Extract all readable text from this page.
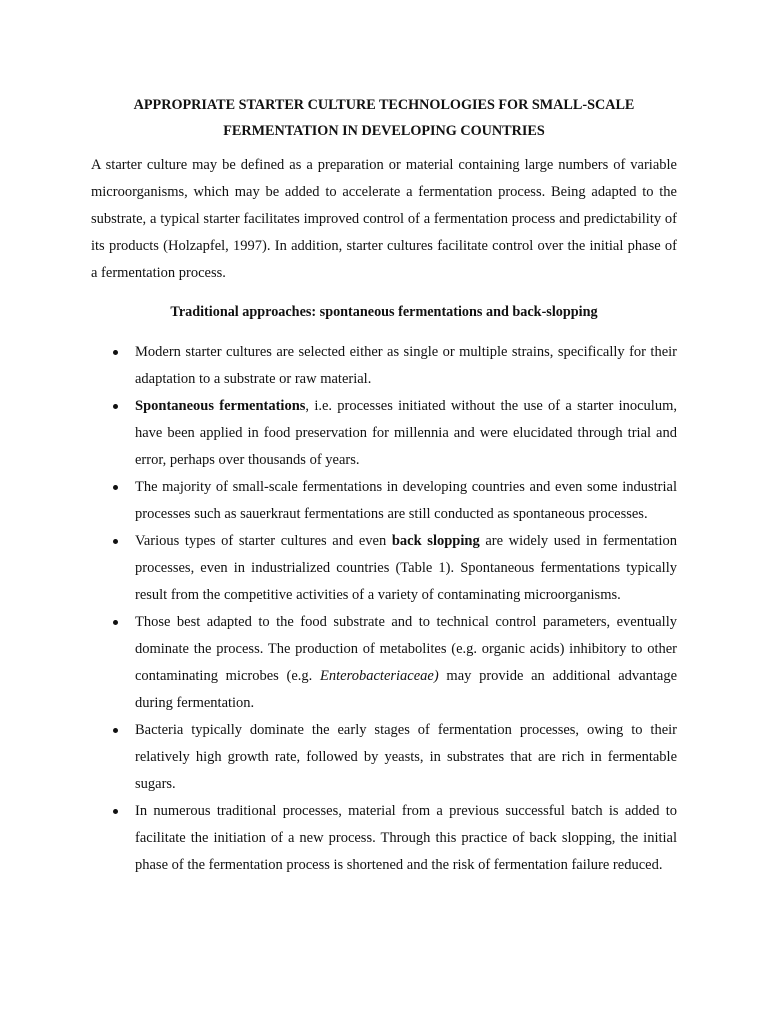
APPROPRIATE STARTER CULTURE TECHNOLOGIES FOR SMALL-SCALE
FERMENTATION IN DEVELOPING COUNTRIES

A starter culture may be defined as a preparation or material containing large numbers of variable microorganisms, which may be added to accelerate a fermentation process. Being adapted to the substrate, a typical starter facilitates improved control of a fermentation process and predictability of its products (Holzapfel, 1997). In addition, starter cultures facilitate control over the initial phase of a fermentation process.

Traditional approaches: spontaneous fermentations and back-slopping

Modern starter cultures are selected either as single or multiple strains, specifically for their adaptation to a substrate or raw material.
Spontaneous fermentations, i.e. processes initiated without the use of a starter inoculum, have been applied in food preservation for millennia and were elucidated through trial and error, perhaps over thousands of years.
The majority of small-scale fermentations in developing countries and even some industrial processes such as sauerkraut fermentations are still conducted as spontaneous processes.
Various types of starter cultures and even back slopping are widely used in fermentation processes, even in industrialized countries (Table 1). Spontaneous fermentations typically result from the competitive activities of a variety of contaminating microorganisms.
Those best adapted to the food substrate and to technical control parameters, eventually dominate the process. The production of metabolites (e.g. organic acids) inhibitory to other contaminating microbes (e.g. Enterobacteriaceae) may provide an additional advantage during fermentation.
Bacteria typically dominate the early stages of fermentation processes, owing to their relatively high growth rate, followed by yeasts, in substrates that are rich in fermentable sugars.
In numerous traditional processes, material from a previous successful batch is added to facilitate the initiation of a new process. Through this practice of back slopping, the initial phase of the fermentation process is shortened and the risk of fermentation failure reduced.
